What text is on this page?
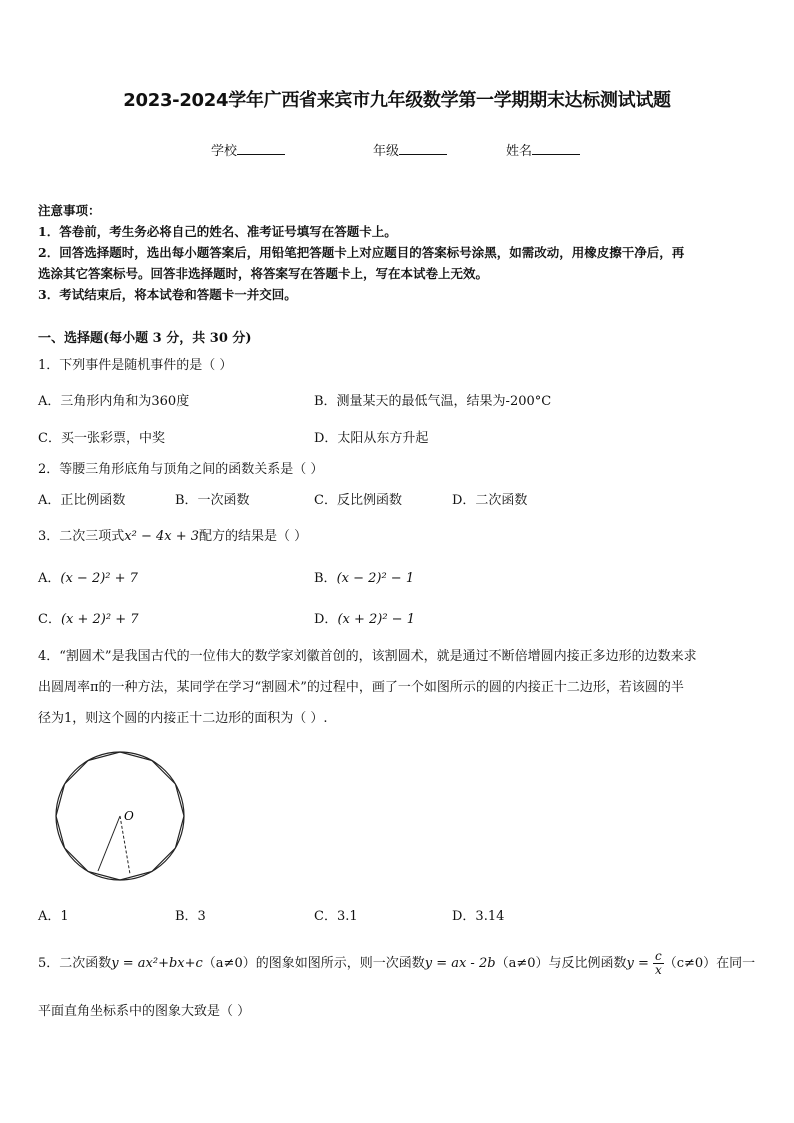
2023-2024学年广西省来宾市九年级数学第一学期期末达标测试试题
学校	年级	姓名
注意事项：
1．答卷前，考生务必将自己的姓名、准考证号填写在答题卡上。
2．回答选择题时，选出每小题答案后，用铅笔把答题卡上对应题目的答案标号涂黑，如需改动，用橡皮擦干净后，再
选涂其它答案标号。回答非选择题时，将答案写在答题卡上，写在本试卷上无效。
3．考试结束后，将本试卷和答题卡一并交回。
一、选择题(每小题 3 分，共 30 分)
1．下列事件是随机事件的是（ ）
A．三角形内角和为360度	B．测量某天的最低气温，结果为-200°C
C．买一张彩票，中奖	D．太阳从东方升起
2．等腰三角形底角与顶角之间的函数关系是（ ）
A．正比例函数	B．一次函数	C．反比例函数	D．二次函数
3．二次三项式x² − 4x + 3配方的结果是（ ）
A．(x − 2)² + 7	B．(x − 2)² − 1
C．(x + 2)² + 7	D．(x + 2)² − 1
4．“割圆术”是我国古代的一位伟大的数学家刘徽首创的，该割圆术，就是通过不断倍增圆内接正多边形的边数来求
出圆周率π的一种方法，某同学在学习“割圆术”的过程中，画了一个如图所示的圆的内接正十二边形，若该圆的半
径为1，则这个圆的内接正十二边形的面积为（ ）.
O
A．1	B．3	C．3.1	D．3.14
5．二次函数y = ax²+bx+c（a≠0）的图象如图所示，则一次函数y = ax - 2b（a≠0）与反比例函数$y = \frac{c}{x} (c\ne 0)$在同一
平面直角坐标系中的图象大致是（ ）
